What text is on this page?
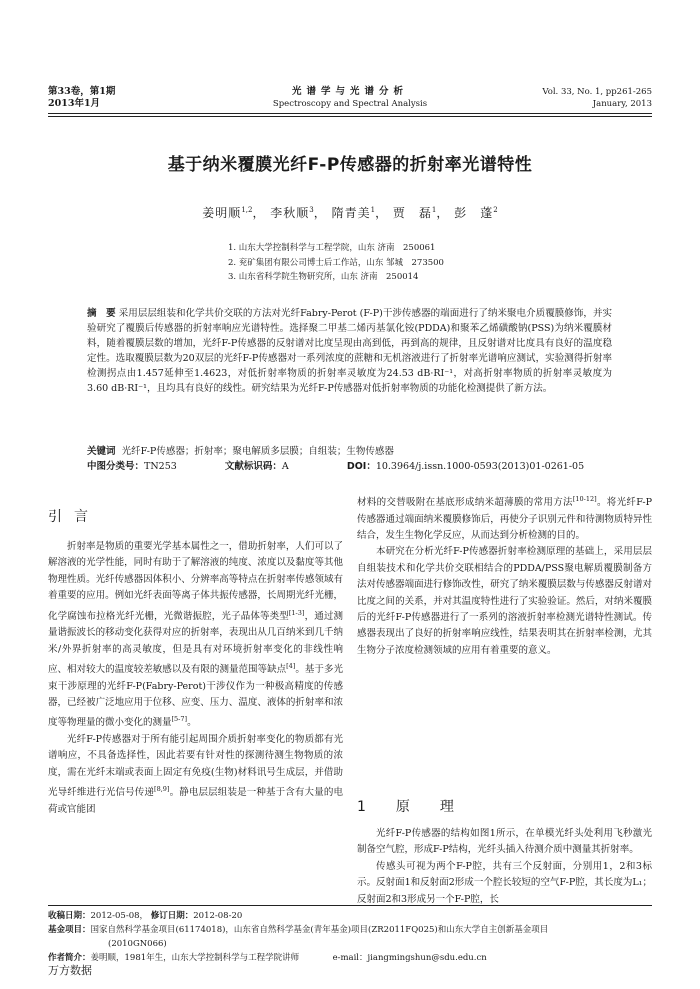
第33卷，第1期
2013年1月
光谱学与光谱分析
Spectroscopy and Spectral Analysis
Vol. 33, No. 1, pp261-265
January, 2013
基于纳米覆膜光纤F-P传感器的折射率光谱特性
姜明顺$^{1,2}$， 李秋顺$^3$， 隋青美$^1$， 贾　磊$^1$， 彭　蓬$^2$
1. 山东大学控制科学与工程学院，山东 济南　250061
2. 兖矿集团有限公司博士后工作站，山东 邹城　273500
3. 山东省科学院生物研究所，山东 济南　250014
摘　要 采用层层组装和化学共价交联的方法对光纤Fabry-Perot (F-P)干涉传感器的端面进行了纳米聚电介质覆膜修饰，并实验研究了覆膜后传感器的折射率响应光谱特性。选择聚二甲基二烯丙基氯化铵(PDDA)和聚苯乙烯磺酸钠(PSS)为纳米覆膜材料，随着覆膜层数的增加，光纤F-P传感器的反射谱对比度呈现由高到低，再到高的规律，且反射谱对比度具有良好的温度稳定性。选取覆膜层数为20双层的光纤F-P传感器对一系列浓度的蔗糖和无机溶液进行了折射率光谱响应测试，实验测得折射率检测拐点由1.457延伸至1.4623，对低折射率物质的折射率灵敏度为24.53 dB·RI⁻¹，对高折射率物质的折射率灵敏度为3.60 dB·RI⁻¹，且均具有良好的线性。研究结果为光纤F-P传感器对低折射率物质的功能化检测提供了新方法。
关键词 光纤F-P传感器；折射率；聚电解质多层膜；自组装；生物传感器
中图分类号：TN253	文献标识码：A	DOI：10.3964/j.issn.1000-0593(2013)01-0261-05
引言

折射率是物质的重要光学基本属性之一，借助折射率，人们可以了解溶液的光学性能，同时有助于了解溶液的纯度、浓度以及黏度等其他物理性质。光纤传感器因体积小、分辨率高等特点在折射率传感领域有着重要的应用。例如光纤表面等离子体共振传感器，长周期光纤光栅，化学腐蚀布拉格光纤光栅，光微谐振腔，光子晶体等类型[1-3]，通过测量谐振波长的移动变化获得对应的折射率，表现出从几百纳米到几千纳米/外界折射率的高灵敏度，但是具有对环境折射率变化的非线性响应、相对较大的温度较差敏感以及有限的测量范围等缺点[4]。基于多光束干涉原理的光纤F-P(Fabry-Perot)干涉仪作为一种极高精度的传感器，已经被广泛地应用于位移、应变、压力、温度、液体的折射率和浓度等物理量的微小变化的测量[5-7]。

光纤F-P传感器对于所有能引起周围介质折射率变化的物质都有光谱响应，不具备选择性，因此若要有针对性的探测待测生物物质的浓度，需在光纤末端或表面上固定有免疫(生物)材料讯号生成层，并借助光导纤维进行光信号传递[8,9]。静电层层组装是一种基于含有大量的电荷或官能团

材料的交替吸附在基底形成纳米超薄膜的常用方法[10-12]。将光纤F-P传感器通过端面纳米覆膜修饰后，再使分子识别元件和待测物质特异性结合，发生生物化学反应，从而达到分析检测的目的。

本研究在分析光纤F-P传感器折射率检测原理的基础上，采用层层自组装技术和化学共价交联相结合的PDDA/PSS聚电解质覆膜制备方法对传感器端面进行修饰改性，研究了纳米覆膜层数与传感器反射谱对比度之间的关系，并对其温度特性进行了实验验证。然后，对纳米覆膜后的光纤F-P传感器进行了一系列的溶液折射率检测光谱特性测试。传感器表现出了良好的折射率响应线性，结果表明其在折射率检测，尤其生物分子浓度检测领域的应用有着重要的意义。

1　原　理

光纤F-P传感器的结构如图1所示，在单模光纤头处利用飞秒激光制备空气腔，形成F-P结构，光纤头插入待测介质中测量其折射率。

传感头可视为两个F-P腔，共有三个反射面，分别用1，2和3标示。反射面1和反射面2形成一个腔长较短的空气F-P腔，其长度为L₁；反射面2和3形成另一个F-P腔，长

收稿日期：2012-05-08， 修订日期：2012-08-20
基金项目：国家自然科学基金项目(61174018)，山东省自然科学基金(青年基金)项目(ZR2011FQ025)和山东大学自主创新基金项目
(2010GN066)
作者简介：姜明顺，1981年生，山东大学控制科学与工程学院讲师	e-mail：jiangmingshun@sdu.edu.cn
万方数据
